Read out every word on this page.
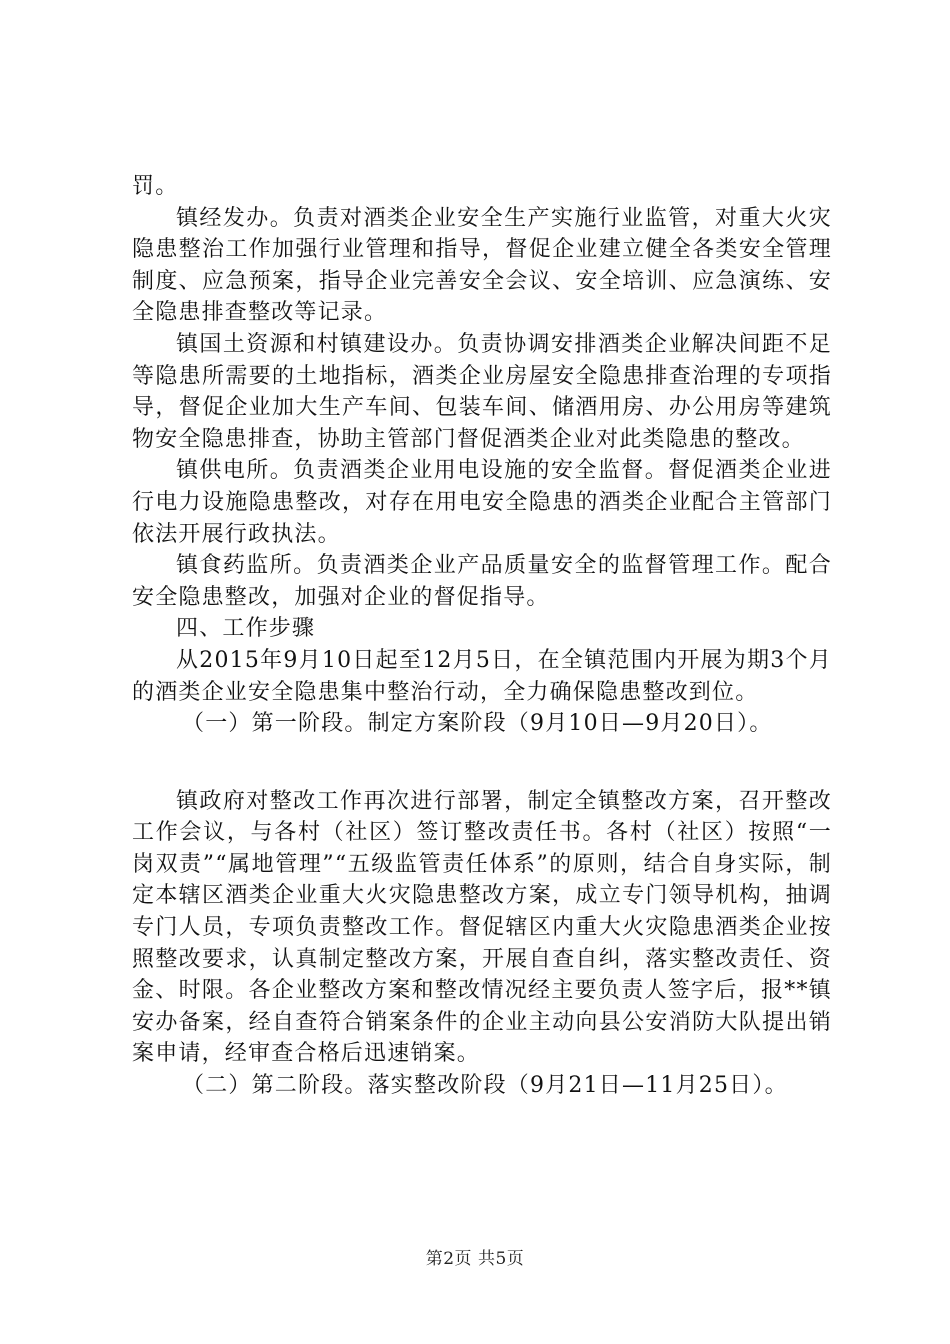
罚。

镇经发办。负责对酒类企业安全生产实施行业监管，对重大火灾隐患整治工作加强行业管理和指导，督促企业建立健全各类安全管理制度、应急预案，指导企业完善安全会议、安全培训、应急演练、安全隐患排查整改等记录。

镇国土资源和村镇建设办。负责协调安排酒类企业解决间距不足等隐患所需要的土地指标，酒类企业房屋安全隐患排查治理的专项指导，督促企业加大生产车间、包装车间、储酒用房、办公用房等建筑物安全隐患排查，协助主管部门督促酒类企业对此类隐患的整改。

镇供电所。负责酒类企业用电设施的安全监督。督促酒类企业进行电力设施隐患整改，对存在用电安全隐患的酒类企业配合主管部门依法开展行政执法。

镇食药监所。负责酒类企业产品质量安全的监督管理工作。配合安全隐患整改，加强对企业的督促指导。

四、工作步骤

从2015年9月10日起至12月5日，在全镇范围内开展为期3个月的酒类企业安全隐患集中整治行动，全力确保隐患整改到位。

（一）第一阶段。制定方案阶段（9月10日—9月20日）。

镇政府对整改工作再次进行部署，制定全镇整改方案，召开整改工作会议，与各村（社区）签订整改责任书。各村（社区）按照“一岗双责”“属地管理”“五级监管责任体系”的原则，结合自身实际，制定本辖区酒类企业重大火灾隐患整改方案，成立专门领导机构，抽调专门人员，专项负责整改工作。督促辖区内重大火灾隐患酒类企业按照整改要求，认真制定整改方案，开展自查自纠，落实整改责任、资金、时限。各企业整改方案和整改情况经主要负责人签字后，报**镇安办备案，经自查符合销案条件的企业主动向县公安消防大队提出销案申请，经审查合格后迅速销案。

（二）第二阶段。落实整改阶段（9月21日—11月25日）。

第2页 共5页
